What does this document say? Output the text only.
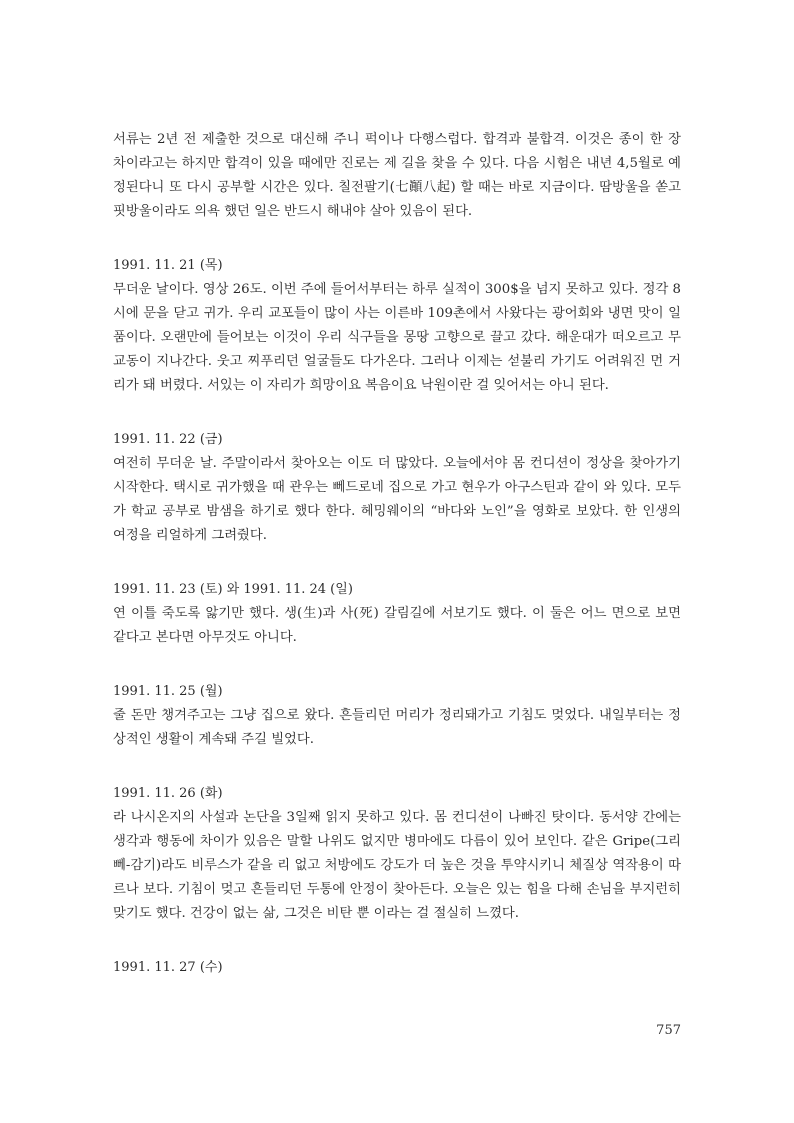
서류는 2년 전 제출한 것으로 대신해 주니 퍽이나 다행스럽다. 합격과 불합격. 이것은 종이 한 장 차이라고는 하지만 합격이 있을 때에만 진로는 제 길을 찾을 수 있다. 다음 시험은 내년 4,5월로 예정된다니 또 다시 공부할 시간은 있다. 칠전팔기(七顚八起) 할 때는 바로 지금이다. 땀방울을 쏟고 핏방울이라도 의욕 했던 일은 반드시 해내야 살아 있음이 된다.

1991. 11. 21 (목)

무더운 날이다. 영상 26도. 이번 주에 들어서부터는 하루 실적이 300$을 넘지 못하고 있다. 정각 8시에 문을 닫고 귀가. 우리 교포들이 많이 사는 이른바 109촌에서 사왔다는 광어회와 냉면 맛이 일품이다. 오랜만에 들어보는 이것이 우리 식구들을 몽땅 고향으로 끌고 갔다. 해운대가 떠오르고 무교동이 지나간다. 웃고 찌푸리던 얼굴들도 다가온다. 그러나 이제는 섣불리 가기도 어려워진 먼 거리가 돼 버렸다. 서있는 이 자리가 희망이요 복음이요 낙원이란 걸 잊어서는 아니 된다.

1991. 11. 22 (금)

여전히 무더운 날. 주말이라서 찾아오는 이도 더 많았다. 오늘에서야 몸 컨디션이 정상을 찾아가기 시작한다. 택시로 귀가했을 때 관우는 뻬드로네 집으로 가고 현우가 아구스틴과 같이 와 있다. 모두가 학교 공부로 밤샘을 하기로 했다 한다. 헤밍웨이의 “바다와 노인”을 영화로 보았다. 한 인생의 여정을 리얼하게 그려줬다.

1991. 11. 23 (토) 와 1991. 11. 24 (일)

연 이틀 죽도록 앓기만 했다. 생(生)과 사(死) 갈림길에 서보기도 했다. 이 둘은 어느 면으로 보면 같다고 본다면 아무것도 아니다.

1991. 11. 25 (월)

줄 돈만 챙겨주고는 그냥 집으로 왔다. 흔들리던 머리가 정리돼가고 기침도 멎었다. 내일부터는 정상적인 생활이 계속돼 주길 빌었다.

1991. 11. 26 (화)

라 나시온지의 사설과 논단을 3일째 읽지 못하고 있다. 몸 컨디션이 나빠진 탓이다. 동서양 간에는 생각과 행동에 차이가 있음은 말할 나위도 없지만 병마에도 다름이 있어 보인다. 같은 Gripe(그리뻬-감기)라도 비루스가 같을 리 없고 처방에도 강도가 더 높은 것을 투약시키니 체질상 역작용이 따르나 보다. 기침이 멎고 흔들리던 두통에 안정이 찾아든다. 오늘은 있는 힘을 다해 손님을 부지런히 맞기도 했다. 건강이 없는 삶, 그것은 비탄 뿐 이라는 걸 절실히 느꼈다.

1991. 11. 27 (수)

757
